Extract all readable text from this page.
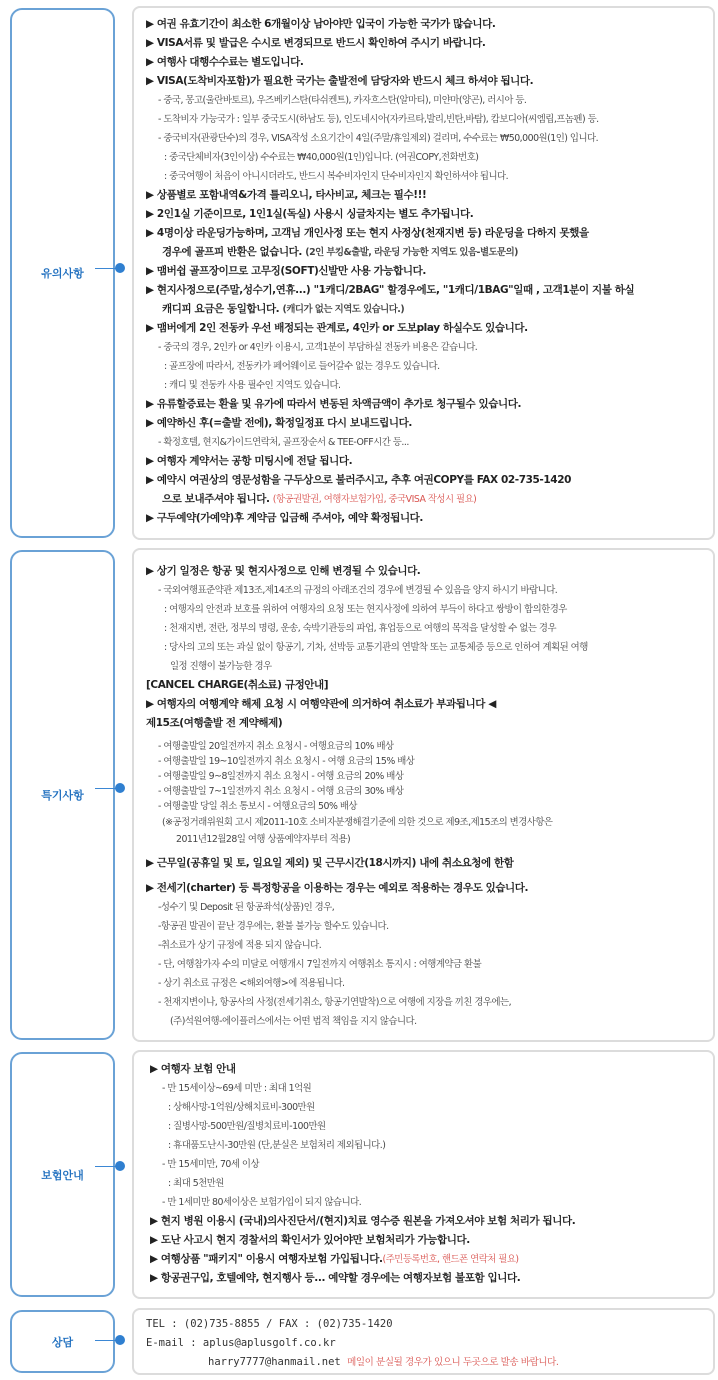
유의사항
▶ 여권 유효기간이 최소한 6개월이상 남아야만 입국이 가능한 국가가 많습니다.
▶ VISA서류 및 발급은 수시로 변경되므로 반드시 확인하여 주시기 바랍니다.
▶ 여행사 대행수수료는 별도입니다.
▶ VISA(도착비자포함)가 필요한 국가는 출발전에 담당자와 반드시 체크 하셔야 됩니다.
- 중국, 몽고(울란바토르), 우즈베키스탄(타쉬켄트), 카자흐스탄(알마티), 미얀마(양곤), 러시아 등.
- 도착비자 가능국가 : 일부 중국도시(하남도 등), 인도네시아(자카르타,발리,빈탄,바탐), 캄보디아(씨엠립,프놈펜) 등.
- 중국비자(관광단수)의 경우, VISA작성 소요기간이 4일(주말/휴일제외) 걸리며, 수수료는 ₩50,000원(1인) 입니다.
: 중국단체비자(3인이상) 수수료는 ₩40,000원(1인)입니다. (여권COPY,전화번호)
: 중국여행이 처음이 아니시더라도, 반드시 복수비자인지 단수비자인지 확인하셔야 됩니다.
▶ 상품별로 포함내역&가격 틀리오니, 타사비교, 체크는 필수!!!
▶ 2인1실 기준이므로, 1인1실(독실) 사용시 싱글차지는 별도 추가됩니다.
▶ 4명이상 라운딩가능하며, 고객님 개인사정 또는 현지 사정상(천재지변 등) 라운딩을 다하지 못했을
경우에 골프피 반환은 없습니다. (2인 부킹&출발, 라운딩 가능한 지역도 있음-별도문의)
▶ 맴버쉽 골프장이므로 고무징(SOFT)신발만 사용 가능합니다.
▶ 현지사정으로(주말,성수기,연휴...) "1캐디/2BAG" 할경우에도, "1캐디/1BAG"일때 , 고객1분이 지불 하실
캐디피 요금은 동일합니다. (캐디가 없는 지역도 있습니다.)
▶ 맴버에게 2인 전동카 우선 배정되는 관계로, 4인카 or 도보play 하실수도 있습니다.
- 중국의 경우, 2인카 or 4인카 이용시, 고객1분이 부담하실 전동카 비용은 같습니다.
: 골프장에 따라서, 전동카가 페어웨이로 들어갈수 없는 경우도 있습니다.
: 캐디 및 전동카 사용 필수인 지역도 있습니다.
▶ 유류할증료는 환율 및 유가에 따라서 변동된 차액금액이 추가로 청구될수 있습니다.
▶ 예약하신 후(=출발 전에), 확정일정표 다시 보내드립니다.
- 확정호텔, 현지&가이드연락처, 골프장순서 & TEE-OFF시간 등...
▶ 여행자 계약서는 공항 미팅시에 전달 됩니다.
▶ 예약시 여권상의 영문성함을 구두상으로 불러주시고, 추후 여권COPY를 FAX 02-735-1420
으로 보내주셔야 됩니다. (항공권발권, 여행자보험가입, 중국VISA 작성시 필요)
▶ 구두예약(가예약)후 계약금 입금해 주셔야, 예약 확정됩니다.
특기사항
▶ 상기 일정은 항공 및 현지사정으로 인해 변경될 수 있습니다.
- 국외여행표준약관 제13조,제14조의 규정의 아래조건의 경우에 변경될 수 있음을 양지 하시기 바랍니다.
: 여행자의 안전과 보호를 위하여 여행자의 요청 또는 현지사정에 의하여 부득이 하다고 쌍방이 합의한경우
: 천재지변, 전란, 정부의 명령, 운송, 숙박기관등의 파업, 휴업등으로 여행의 목적을 달성할 수 없는 경우
: 당사의 고의 또는 과실 없이 항공기, 기차, 선박등 교통기관의 연발착 또는 교통체증 등으로 인하여 계획된 여행
일정 진행이 불가능한 경우
[CANCEL CHARGE(취소료) 규정안내]
▶ 여행자의 여행계약 해제 요청 시 여행약관에 의거하여 취소료가 부과됩니다 ◀
제15조(여행출발 전 계약해제)
- 여행출발일 20일전까지 취소 요청시 - 여행요금의 10% 배상
- 여행출발일 19~10일전까지 취소 요청시 - 여행 요금의 15% 배상
- 여행출발일 9~8일전까지 취소 요청시 - 여행 요금의 20% 배상
- 여행출발일 7~1일전까지 취소 요청시 - 여행 요금의 30% 배상
- 여행출발 당일 취소 통보시 - 여행요금의 50% 배상
(※공정거래위원회 고시 제2011-10호 소비자분쟁해결기준에 의한 것으로 제9조,제15조의 변경사항은
2011년12월28일 여행 상품예약자부터 적용)
▶ 근무일(공휴일 및 토, 일요일 제외) 및 근무시간(18시까지) 내에 취소요청에 한함
▶ 전세기(charter) 등 특정항공을 이용하는 경우는 예외로 적용하는 경우도 있습니다.
-성수기 및 Deposit 된 항공좌석(상품)인 경우,
-항공권 발권이 끝난 경우에는, 환불 불가능 할수도 있습니다.
-취소료가 상기 규정에 적용 되지 않습니다.
- 단, 여행참가자 수의 미달로 여행개시 7일전까지 여행취소 통지시 : 여행계약금 환불
- 상기 취소료 규정은 <해외여행>에 적용됩니다.
- 천재지변이나, 항공사의 사정(전세기취소, 항공기연발착)으로 여행에 지장을 끼친 경우에는,
(주)석원여행-에이플러스에서는 어떤 법적 책임을 지지 않습니다.
보험안내
▶ 여행자 보험 안내
- 만 15세이상~69세 미만 : 최대 1억원
: 상해사망-1억원/상해치료비-300만원
: 질병사망-500만원/질병치료비-100만원
: 휴대품도난시-30만원 (단,분실은 보험처리 제외됩니다.)
- 만 15세미만, 70세 이상
: 최대 5천만원
- 만 1세미만 80세이상은 보험가입이 되지 않습니다.
▶ 현지 병원 이용시 (국내)의사진단서/(현지)치료 영수증 원본을 가져오셔야 보험 처리가 됩니다.
▶ 도난 사고시 현지 경찰서의 확인서가 있어야만 보험처리가 가능합니다.
▶ 여행상품 "패키지" 이용시 여행자보험 가입됩니다.(주민등록번호, 핸드폰 연락처 필요)
▶ 항공권구입, 호텔예약, 현지행사 등... 예약할 경우에는 여행자보험 불포함 입니다.
상담
TEL : (02)735-8855 / FAX : (02)735-1420
E-mail : aplus@aplusgolf.co.kr
harry7777@hanmail.net 메일이 분실될 경우가 있으니 두곳으로 발송 바랍니다.
